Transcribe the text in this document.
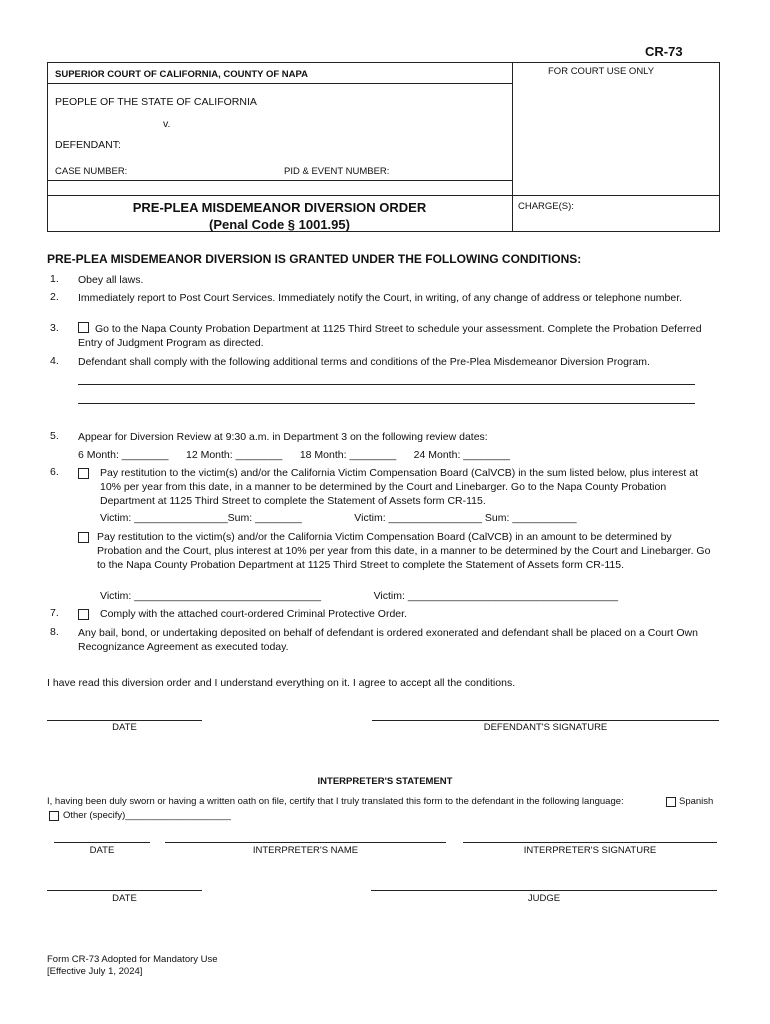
CR-73
SUPERIOR COURT OF CALIFORNIA, COUNTY OF NAPA	FOR COURT USE ONLY
PEOPLE OF THE STATE OF CALIFORNIA
v.
DEFENDANT:
CASE NUMBER:	PID & EVENT NUMBER:
CHARGE(S):
PRE-PLEA MISDEMEANOR DIVERSION ORDER
(Penal Code § 1001.95)
PRE-PLEA MISDEMEANOR DIVERSION IS GRANTED UNDER THE FOLLOWING CONDITIONS:
1. Obey all laws.
2. Immediately report to Post Court Services. Immediately notify the Court, in writing, of any change of address or telephone number.
3.	Go to the Napa County Probation Department at 1125 Third Street to schedule your assessment. Complete the Probation Deferred Entry of Judgment Program as directed.
4. Defendant shall comply with the following additional terms and conditions of the Pre-Plea Misdemeanor Diversion Program.
5. Appear for Diversion Review at 9:30 a.m. in Department 3 on the following review dates:
6 Month: ________      12 Month: ________      18 Month: ________      24 Month: ________
6.	Pay restitution to the victim(s) and/or the California Victim Compensation Board (CalVCB) in the sum listed below, plus interest at 10% per year from this date, in a manner to be determined by the Court and Linebarger. Go to the Napa County Probation Department at 1125 Third Street to complete the Statement of Assets form CR-115.
Victim: ________________Sum: ________                  Victim: ________________ Sum: ___________
Pay restitution to the victim(s) and/or the California Victim Compensation Board (CalVCB) in an amount to be determined by Probation and the Court, plus interest at 10% per year from this date, in a manner to be determined by the Court and Linebarger. Go to the Napa County Probation Department at 1125 Third Street to complete the Statement of Assets form CR-115.
Victim: ________________________________                  Victim: ____________________________________
7.	Comply with the attached court-ordered Criminal Protective Order.
8. Any bail, bond, or undertaking deposited on behalf of defendant is ordered exonerated and defendant shall be placed on a Court Own Recognizance Agreement as executed today.
I have read this diversion order and I understand everything on it. I agree to accept all the conditions.
DATE	DEFENDANT'S SIGNATURE
INTERPRETER'S STATEMENT
I, having been duly sworn or having a written oath on file, certify that I truly translated this form to the defendant in the following language:	Spanish
Other (specify)____________________
DATE	INTERPRETER'S NAME	INTERPRETER'S SIGNATURE
DATE	JUDGE
Form CR-73 Adopted for Mandatory Use
[Effective July 1, 2024]
